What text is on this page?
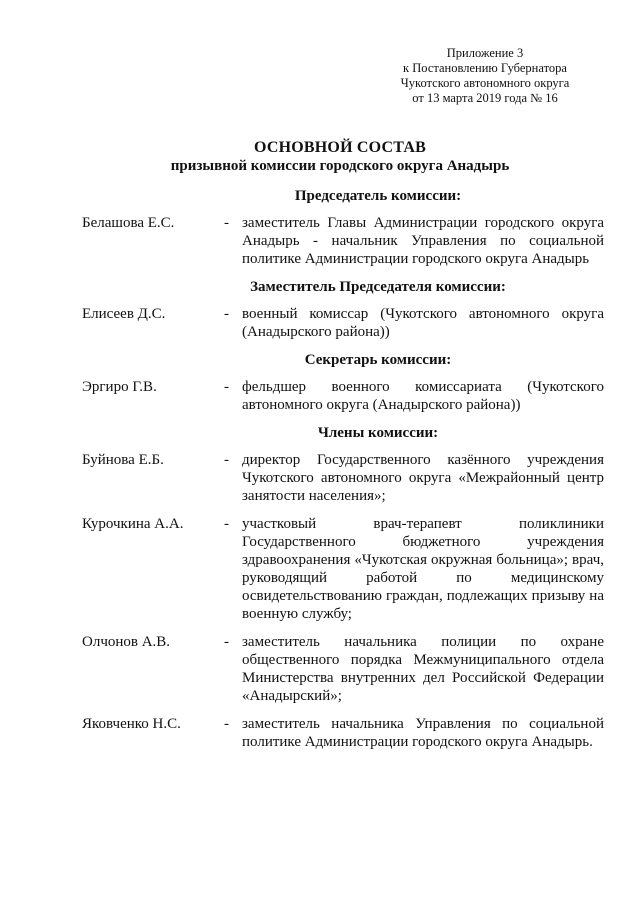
Приложение 3
к Постановлению Губернатора
Чукотского автономного округа
от 13 марта 2019 года № 16
ОСНОВНОЙ СОСТАВ
призывной комиссии городского округа Анадырь
Председатель комиссии:
Белашова Е.С.	- заместитель Главы Администрации городского округа Анадырь - начальник Управления по социальной политике Администрации городского округа Анадырь
Заместитель Председателя комиссии:
Елисеев Д.С.	- военный комиссар (Чукотского автономного округа (Анадырского района))
Секретарь комиссии:
Эргиро Г.В.	- фельдшер военного комиссариата (Чукотского автономного округа (Анадырского района))
Члены комиссии:
Буйнова Е.Б.	- директор Государственного казённого учреждения Чукотского автономного округа «Межрайонный центр занятости населения»;
Курочкина А.А.	- участковый врач-терапевт поликлиники Государственного бюджетного учреждения здравоохранения «Чукотская окружная больница»; врач, руководящий работой по медицинскому освидетельствованию граждан, подлежащих призыву на военную службу;
Олчонов А.В.	- заместитель начальника полиции по охране общественного порядка Межмуниципального отдела Министерства внутренних дел Российской Федерации «Анадырский»;
Яковченко Н.С.	- заместитель начальника Управления по социальной политике Администрации городского округа Анадырь.
